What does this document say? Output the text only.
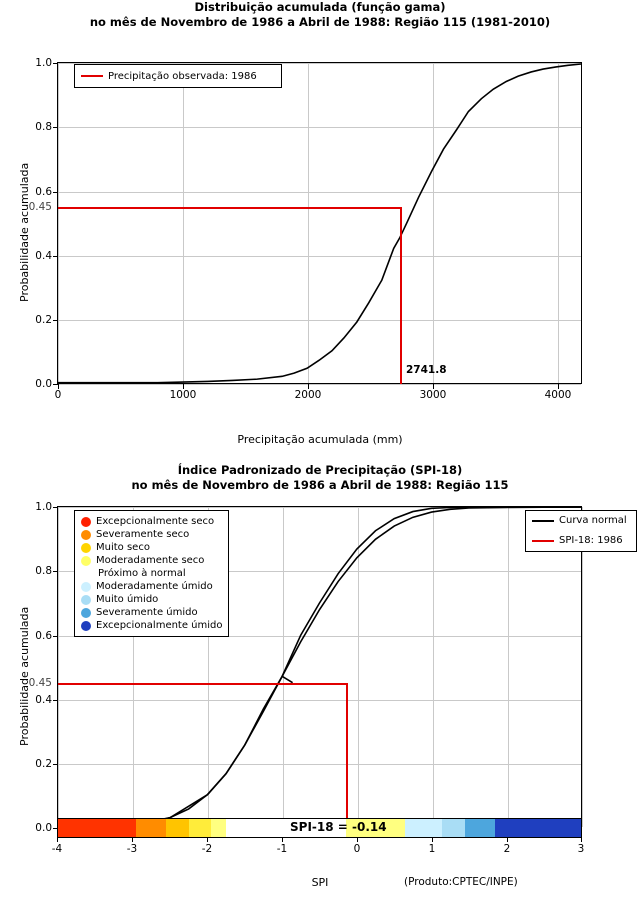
Distribuição acumulada (função gama)
no mês de Novembro de 1986 a Abril de 1988: Região 115 (1981-2010)
0.45
2741.8
0.0
0.2
0.4
0.6
0.8
1.0
0	1000	2000	3000	4000
Precipitação observada: 1986
Precipitação acumulada (mm)
Probabilidade acumulada
Índice Padronizado de Precipitação (SPI-18)
no mês de Novembro de 1986 a Abril de 1988: Região 115
0.45
0.0
0.2
0.4
0.6
0.8
1.0
SPI-18 = -0.14
-4	-3	-2	-1	0	1	2	3
SPI
Probabilidade acumulada
(Produto:CPTEC/INPE)
Excepcionalmente seco
Severamente seco
Muito seco
Moderadamente seco
Próximo à normal
Moderadamente úmido
Muito úmido
Severamente úmido
Excepcionalmente úmido
Curva normal
SPI-18: 1986
